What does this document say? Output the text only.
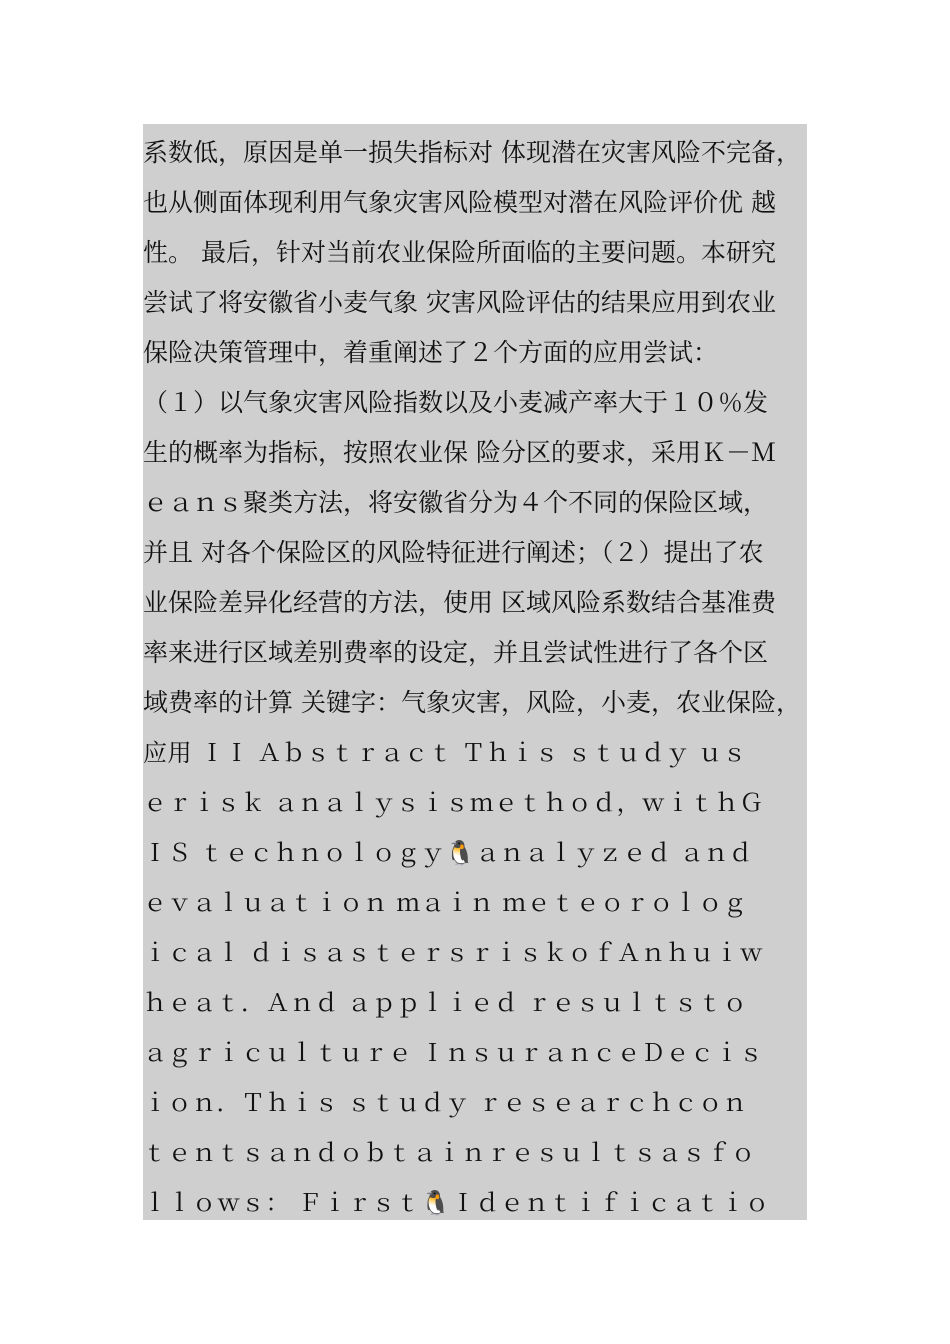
系数低，原因是单一损失指标对 体现潜在灾害风险不完备，
也从侧面体现利用气象灾害风险模型对潜在风险评价优 越
性。 最后，针对当前农业保险所面临的主要问题。本研究
尝试了将安徽省小麦气象 灾害风险评估的结果应用到农业
保险决策管理中，着重阐述了２个方面的应用尝试：
（１）以气象灾害风险指数以及小麦减产率大于１０％发
生的概率为指标，按照农业保 险分区的要求，采用Ｋ－Ｍ
ｅａｎｓ聚类方法，将安徽省分为４个不同的保险区域，
并且 对各个保险区的风险特征进行阐述；（２）提出了农
业保险差异化经营的方法，使用 区域风险系数结合基准费
率来进行区域差别费率的设定，并且尝试性进行了各个区
域费率的计算 关键字：气象灾害，风险，小麦，农业保险，
应用 ＩＩ Ａｂｓｔｒａｃｔ Ｔｈｉｓ ｓｔｕｄｙ ｕｓ
ｅｒｉｓｋ ａｎａｌｙｓｉｓｍｅｔｈｏｄ，ｗｉｔｈＧ
ＩＳ ｔｅｃｈｎｏｌｏｇｙ🐧ａｎａｌｙｚｅｄ ａｎｄ
ｅｖａｌｕａｔｉｏｎ ｍａｉｎ ｍｅｔｅｏｒｏｌｏｇ
ｉｃａｌ ｄｉｓａｓｔｅｒｓｒｉｓｋｏｆＡｎｈｕｉｗ
ｈｅａｔ．Ａｎｄ ａｐｐｌｉｅｄ ｒｅｓｕｌｔｓｔｏ
ａｇｒｉｃｕｌｔｕｒｅ ＩｎｓｕｒａｎｃｅＤｅｃｉｓ
ｉｏｎ．Ｔｈｉｓ ｓｔｕｄｙ ｒｅｓｅａｒｃｈｃｏｎ
ｔｅｎｔｓａｎｄｏｂｔａｉｎｒｅｓｕｌｔｓａｓｆｏ
ｌｌｏｗｓ： Ｆｉｒｓｔ🐧Ｉｄｅｎｔｉｆｉｃａｔｉｏ
